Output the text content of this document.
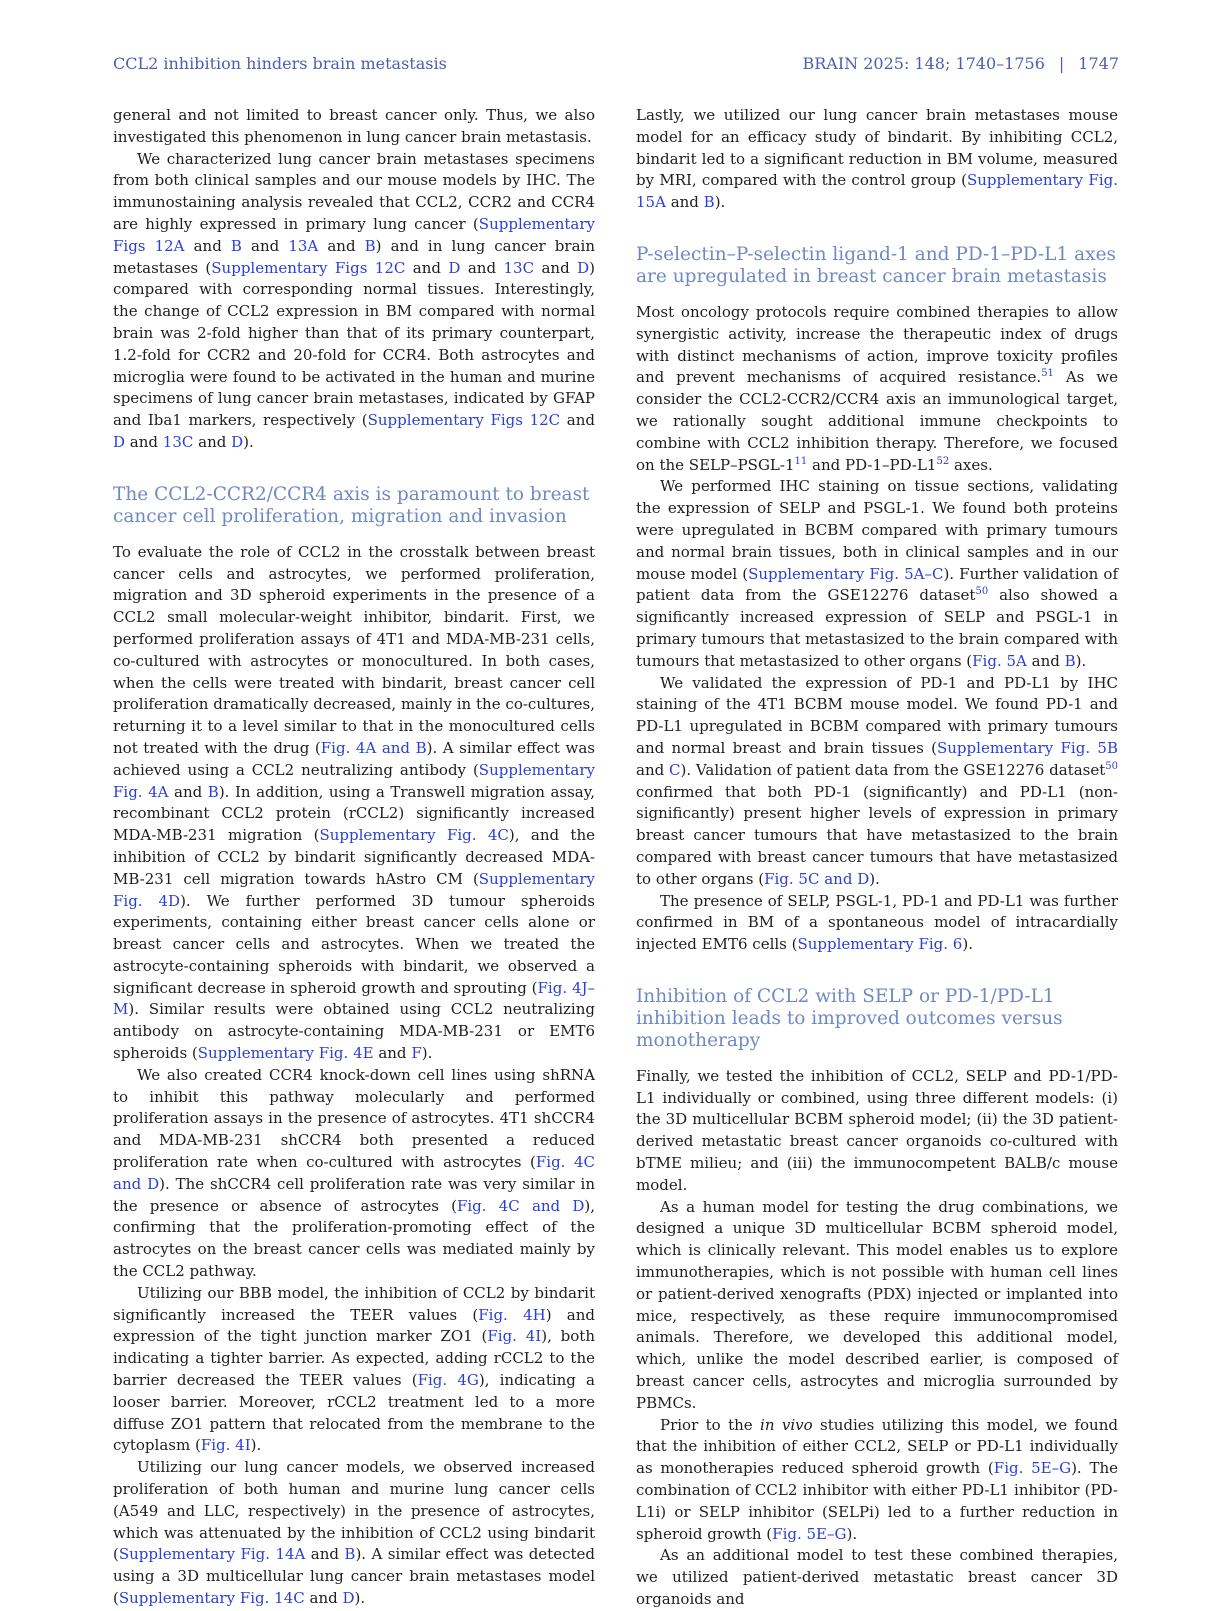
CCL2 inhibition hinders brain metastasis	BRAIN 2025: 148; 1740–1756 | 1747

general and not limited to breast cancer only. Thus, we also investigated this phenomenon in lung cancer brain metastasis.

We characterized lung cancer brain metastases specimens from both clinical samples and our mouse models by IHC. The immunostaining analysis revealed that CCL2, CCR2 and CCR4 are highly expressed in primary lung cancer (Supplementary Figs 12A and B and 13A and B) and in lung cancer brain metastases (Supplementary Figs 12C and D and 13C and D) compared with corresponding normal tissues. Interestingly, the change of CCL2 expression in BM compared with normal brain was 2-fold higher than that of its primary counterpart, 1.2-fold for CCR2 and 20-fold for CCR4. Both astrocytes and microglia were found to be activated in the human and murine specimens of lung cancer brain metastases, indicated by GFAP and Iba1 markers, respectively (Supplementary Figs 12C and D and 13C and D).

The CCL2-CCR2/CCR4 axis is paramount to breast cancer cell proliferation, migration and invasion

To evaluate the role of CCL2 in the crosstalk between breast cancer cells and astrocytes, we performed proliferation, migration and 3D spheroid experiments in the presence of a CCL2 small molecular-weight inhibitor, bindarit. First, we performed proliferation assays of 4T1 and MDA-MB-231 cells, co-cultured with astrocytes or monocultured. In both cases, when the cells were treated with bindarit, breast cancer cell proliferation dramatically decreased, mainly in the co-cultures, returning it to a level similar to that in the monocultured cells not treated with the drug (Fig. 4A and B). A similar effect was achieved using a CCL2 neutralizing antibody (Supplementary Fig. 4A and B). In addition, using a Transwell migration assay, recombinant CCL2 protein (rCCL2) significantly increased MDA-MB-231 migration (Supplementary Fig. 4C), and the inhibition of CCL2 by bindarit significantly decreased MDA-MB-231 cell migration towards hAstro CM (Supplementary Fig. 4D). We further performed 3D tumour spheroids experiments, containing either breast cancer cells alone or breast cancer cells and astrocytes. When we treated the astrocyte-containing spheroids with bindarit, we observed a significant decrease in spheroid growth and sprouting (Fig. 4J–M). Similar results were obtained using CCL2 neutralizing antibody on astrocyte-containing MDA-MB-231 or EMT6 spheroids (Supplementary Fig. 4E and F).

We also created CCR4 knock-down cell lines using shRNA to inhibit this pathway molecularly and performed proliferation assays in the presence of astrocytes. 4T1 shCCR4 and MDA-MB-231 shCCR4 both presented a reduced proliferation rate when co-cultured with astrocytes (Fig. 4C and D). The shCCR4 cell proliferation rate was very similar in the presence or absence of astrocytes (Fig. 4C and D), confirming that the proliferation-promoting effect of the astrocytes on the breast cancer cells was mediated mainly by the CCL2 pathway.

Utilizing our BBB model, the inhibition of CCL2 by bindarit significantly increased the TEER values (Fig. 4H) and expression of the tight junction marker ZO1 (Fig. 4I), both indicating a tighter barrier. As expected, adding rCCL2 to the barrier decreased the TEER values (Fig. 4G), indicating a looser barrier. Moreover, rCCL2 treatment led to a more diffuse ZO1 pattern that relocated from the membrane to the cytoplasm (Fig. 4I).

Utilizing our lung cancer models, we observed increased proliferation of both human and murine lung cancer cells (A549 and LLC, respectively) in the presence of astrocytes, which was attenuated by the inhibition of CCL2 using bindarit (Supplementary Fig. 14A and B). A similar effect was detected using a 3D multicellular lung cancer brain metastases model (Supplementary Fig. 14C and D).

Lastly, we utilized our lung cancer brain metastases mouse model for an efficacy study of bindarit. By inhibiting CCL2, bindarit led to a significant reduction in BM volume, measured by MRI, compared with the control group (Supplementary Fig. 15A and B).

P-selectin–P-selectin ligand-1 and PD-1–PD-L1 axes are upregulated in breast cancer brain metastasis

Most oncology protocols require combined therapies to allow synergistic activity, increase the therapeutic index of drugs with distinct mechanisms of action, improve toxicity profiles and prevent mechanisms of acquired resistance.$^{51}$ As we consider the CCL2-CCR2/CCR4 axis an immunological target, we rationally sought additional immune checkpoints to combine with CCL2 inhibition therapy. Therefore, we focused on the SELP–$PSGL-1^{11}$ and $PD-1-PD-L1^{52}$ axes.

We performed IHC staining on tissue sections, validating the expression of SELP and PSGL-1. We found both proteins were upregulated in BCBM compared with primary tumours and normal brain tissues, both in clinical samples and in our mouse model (Supplementary Fig. 5A–C). Further validation of patient data from the GSE12276 dataset$^{50}$ also showed a significantly increased expression of SELP and PSGL-1 in primary tumours that metastasized to the brain compared with tumours that metastasized to other organs (Fig. 5A and B).

We validated the expression of PD-1 and PD-L1 by IHC staining of the 4T1 BCBM mouse model. We found PD-1 and PD-L1 upregulated in BCBM compared with primary tumours and normal breast and brain tissues (Supplementary Fig. 5B and C). Validation of patient data from the GSE12276 dataset$^{50}$ confirmed that both PD-1 (significantly) and PD-L1 (non-significantly) present higher levels of expression in primary breast cancer tumours that have metastasized to the brain compared with breast cancer tumours that have metastasized to other organs (Fig. 5C and D).

The presence of SELP, PSGL-1, PD-1 and PD-L1 was further confirmed in BM of a spontaneous model of intracardially injected EMT6 cells (Supplementary Fig. 6).

Inhibition of CCL2 with SELP or PD-1/PD-L1 inhibition leads to improved outcomes versus monotherapy

Finally, we tested the inhibition of CCL2, SELP and PD-1/PD-L1 individually or combined, using three different models: (i) the 3D multicellular BCBM spheroid model; (ii) the 3D patient-derived metastatic breast cancer organoids co-cultured with bTME milieu; and (iii) the immunocompetent BALB/c mouse model.

As a human model for testing the drug combinations, we designed a unique 3D multicellular BCBM spheroid model, which is clinically relevant. This model enables us to explore immunotherapies, which is not possible with human cell lines or patient-derived xenografts (PDX) injected or implanted into mice, respectively, as these require immunocompromised animals. Therefore, we developed this additional model, which, unlike the model described earlier, is composed of breast cancer cells, astrocytes and microglia surrounded by PBMCs.

Prior to the in vivo studies utilizing this model, we found that the inhibition of either CCL2, SELP or PD-L1 individually as monotherapies reduced spheroid growth (Fig. 5E–G). The combination of CCL2 inhibitor with either PD-L1 inhibitor (PD-L1i) or SELP inhibitor (SELPi) led to a further reduction in spheroid growth (Fig. 5E–G).

As an additional model to test these combined therapies, we utilized patient-derived metastatic breast cancer 3D organoids and
